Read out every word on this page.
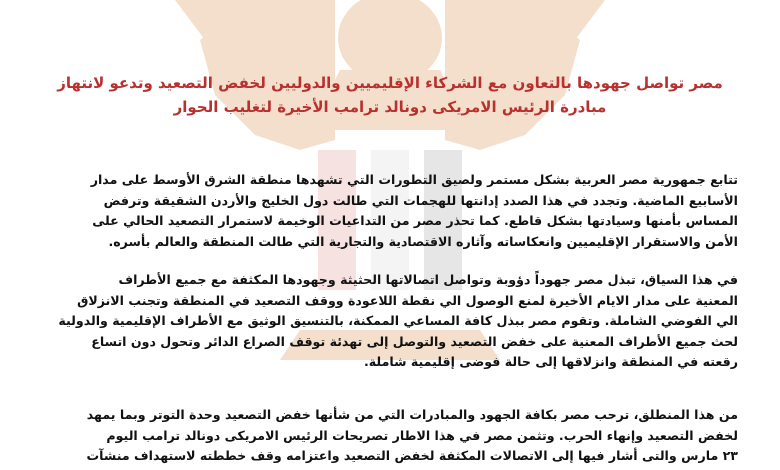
مصر تواصل جهودها بالتعاون مع الشركاء الإقليميين والدوليين لخفض التصعيد وتدعو لانتهاز
مبادرة الرئيس الامريكى دونالد ترامب الأخيرة لتغليب الحوار
تتابع جمهورية مصر العربية بشكل مستمر ولصيق التطورات التي تشهدها منطقة الشرق الأوسط على مدار
الأسابيع الماضية. وتجدد في هذا الصدد إدانتها للهجمات التي طالت دول الخليج والأردن الشقيقة وترفض
المساس بأمنها وسيادتها بشكل قاطع. كما تحذر مصر من التداعيات الوخيمة لاستمرار التصعيد الحالي على
الأمن والاستقرار الإقليميين وانعكاساته وآثاره الاقتصادية والتجارية التي طالت المنطقة والعالم بأسره.
في هذا السياق، تبذل مصر جهوداً دؤوبة وتواصل اتصالاتها الحثيثة وجهودها المكثفة مع جميع الأطراف
المعنية على مدار الايام الأخيرة لمنع الوصول الي نقطة اللاعودة ووقف التصعيد في المنطقة وتجنب الانزلاق
الي الفوضي الشاملة. وتقوم مصر ببذل كافة المساعي الممكنة، بالتنسيق الوثيق مع الأطراف الإقليمية والدولية
لحث جميع الأطراف المعنية على خفض التصعيد والتوصل إلى تهدئة توقف الصراع الدائر وتحول دون اتساع
رقعته في المنطقة وانزلاقها إلى حالة فوضى إقليمية شاملة.
من هذا المنطلق، ترحب مصر بكافة الجهود والمبادرات التي من شأنها خفض التصعيد وحدة التوتر وبما يمهد
لخفض التصعيد وإنهاء الحرب. وتثمن مصر في هذا الاطار تصريحات الرئيس الامريكى دونالد ترامب اليوم
٢٣ مارس والتى أشار فيها إلى الاتصالات المكثفة لخفض التصعيد واعتزامه وقف خططته لاستهداف منشآت
